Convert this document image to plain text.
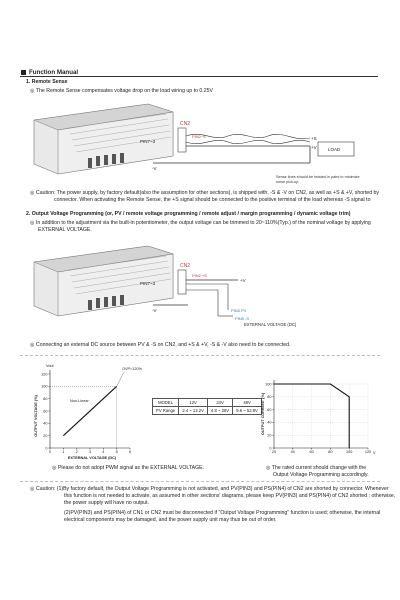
Function Manual
1. Remote Sense
◎ The Remote Sense compensates voltage drop on the load wiring up to 0.25V
CN2
PIN7~3
PIN2~9	+S
+V
-V
LOAD
Sense lines should be twisted in pairs to minimize
noise pick-up.
◎ Caution: The power supply, by factory default(also the assumption for other sections), is shipped with, -S & -V on CN2, as well as +S & +V, shorted by
connector. When activating the Remote Sense, the +S signal should be connected to the positive terminal of the load whereas -S signal to
2. Output Voltage Programming (or, PV / remote voltage programming / remote adjust / margin programming / dynamic voltage trim)
◎ In addition to the adjustment via the built-in potentiometer, the output voltage can be trimmed to 20~110%(Typ.) of the nominal voltage by applying
EXTERNAL VOLTAGE.
CN2
PIN7~3
PIN2 +S
+V
-V	PIN3 PV
PIN5 -S
EXTERNAL VOLTAGE (DC)
◎ Connecting an external DC source between PV & -S on CN2, and +S & +V, -S & -V also need to be connected.
0	1	2	3	4	5	6
0
20
40
60
80
100
120
OUTPUT VOLTAGE (%)
Vout
EXTERNAL VOLTAGE (DC)
OVP=120%
Non-Linear	MODEL	12V	24V	48V
PV Range	2.4 ~ 13.2V	4.8 ~ 26V	9.6 ~ 52.8V
20	40	60	80	100	120
0
20
40
60
80
100
OUTPUT CURRENT (%)
V
◎ Please do not adopt PWM signal as the EXTERNAL VOLTAGE.	◎ The rated current should change with the
Output Voltage Programming accordingly.
◎ Caution: (1)By factory default, the Output Voltage Programming is not activated, and PV(PIN3) and PS(PIN4) of CN2 are shorted by connector. Whenever
this function is not needed to activate, as assumed in other sections' diagrams, please keep PV(PIN3) and PS(PIN4) of CN2 shorted ; otherwise,
the power supply will have no output.
(2)PV(PIN3) and PS(PIN4) of CN1 or CN2 must be disconnected if "Output Voltage Programming" function is used; otherwise, the internal
electrical components may be damaged, and the power supply unit may thus be out of order.
